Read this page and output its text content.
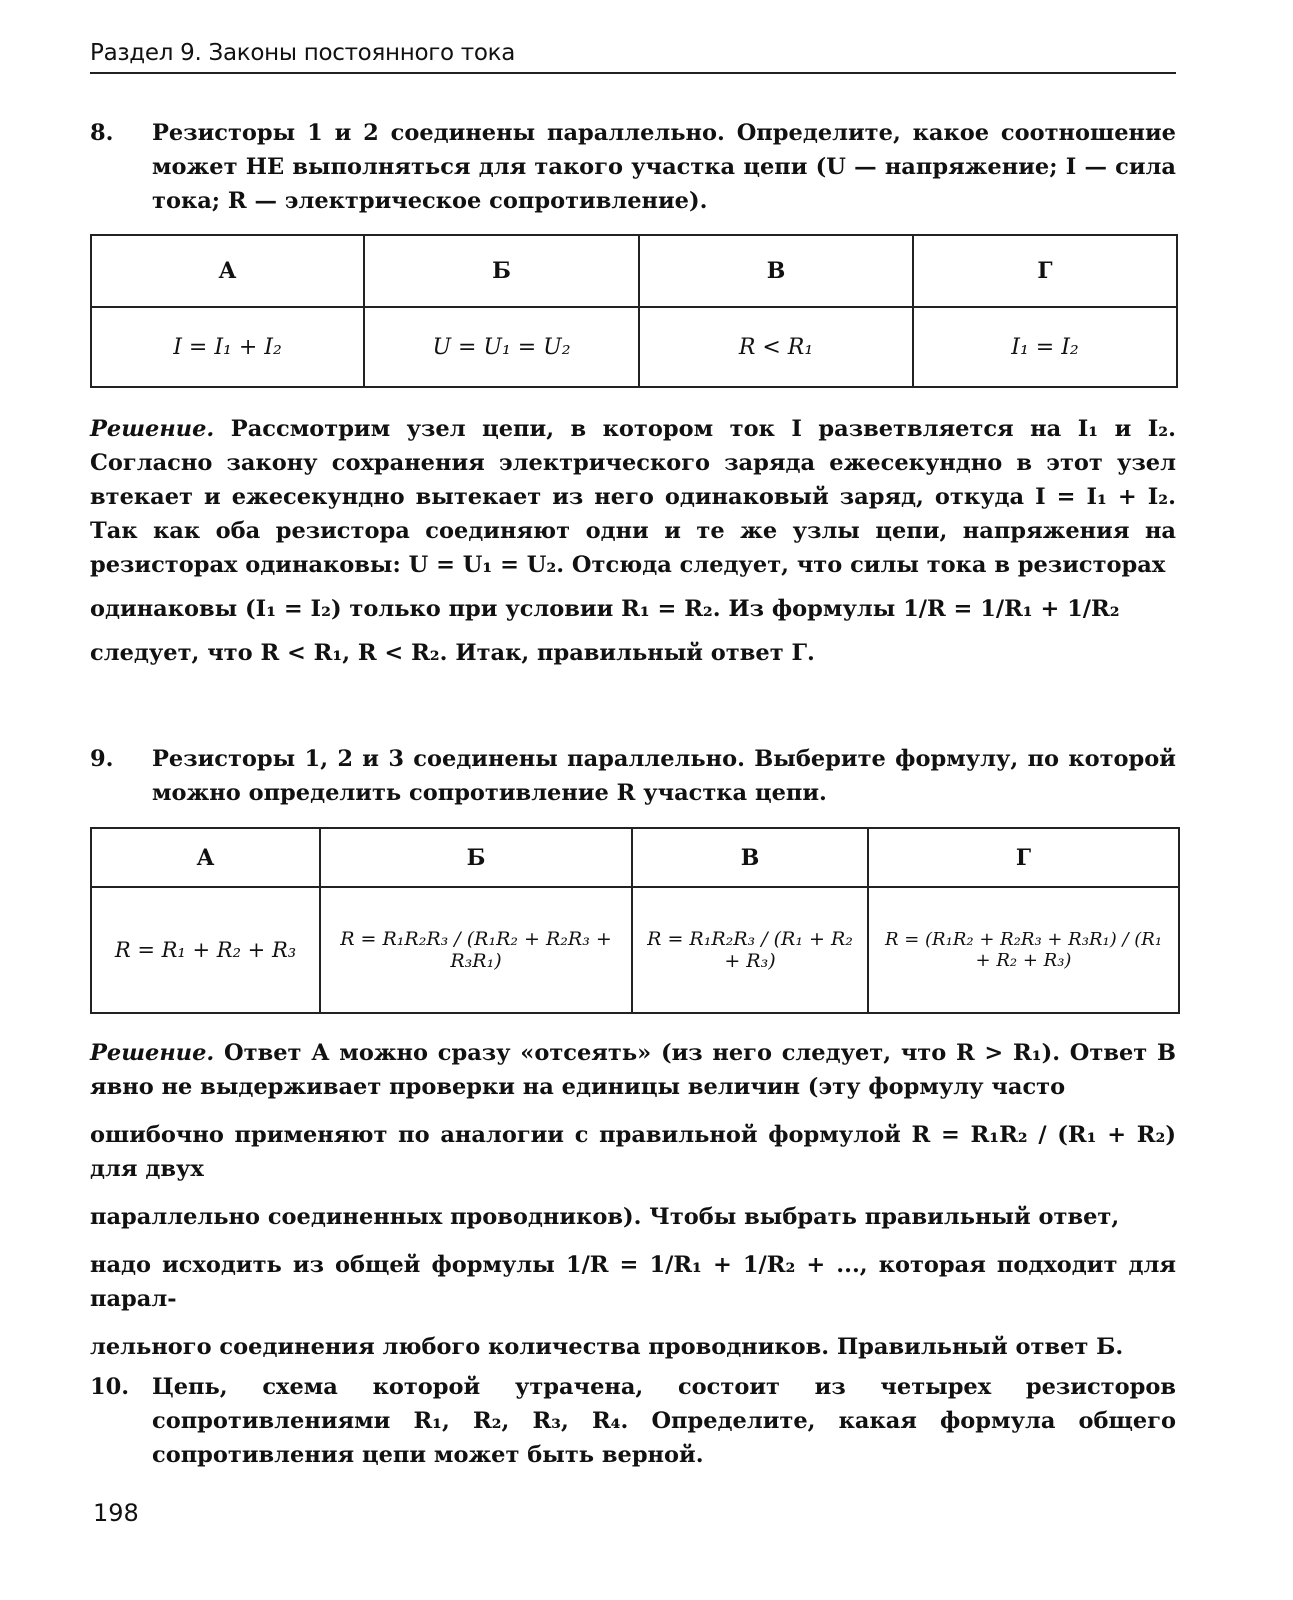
Раздел 9. Законы постоянного тока
8.	Резисторы 1 и 2 соединены параллельно. Определите, какое соотношение может НЕ выполняться для такого участка цепи (U — напряжение; I — сила тока; R — электрическое сопротивление).
А	Б	В	Г
I = I₁ + I₂	U = U₁ = U₂	R < R₁	I₁ = I₂
Решение. Рассмотрим узел цепи, в котором ток I разветвляется на I₁ и I₂. Согласно закону сохранения электрического заряда ежесекундно в этот узел втекает и ежесекундно вытекает из него одинаковый заряд, откуда I = I₁ + I₂. Так как оба резистора соединяют одни и те же узлы цепи, напряжения на резисторах одинаковы: U = U₁ = U₂. Отсюда следует, что силы тока в резисторах
одинаковы (I₁ = I₂) только при условии R₁ = R₂. Из формулы 1/R = 1/R₁ + 1/R₂
следует, что R < R₁, R < R₂. Итак, правильный ответ Г.
9.	Резисторы 1, 2 и 3 соединены параллельно. Выберите формулу, по которой можно определить сопротивление R участка цепи.
А	Б	В	Г
R = R₁ + R₂ + R₃	R = R₁R₂R₃ / (R₁R₂ + R₂R₃ + R₃R₁)	R = R₁R₂R₃ / (R₁ + R₂ + R₃)	R = (R₁R₂ + R₂R₃ + R₃R₁) / (R₁ + R₂ + R₃)
Решение. Ответ А можно сразу «отсеять» (из него следует, что R > R₁). Ответ В явно не выдерживает проверки на единицы величин (эту формулу часто
ошибочно применяют по аналогии с правильной формулой R = R₁R₂ / (R₁ + R₂) для двух
параллельно соединенных проводников). Чтобы выбрать правильный ответ,
надо исходить из общей формулы 1/R = 1/R₁ + 1/R₂ + ..., которая подходит для парал-
лельного соединения любого количества проводников. Правильный ответ Б.
10.	Цепь, схема которой утрачена, состоит из четырех резисторов сопротивлениями R₁, R₂, R₃, R₄. Определите, какая формула общего сопротивления цепи может быть верной.
198
